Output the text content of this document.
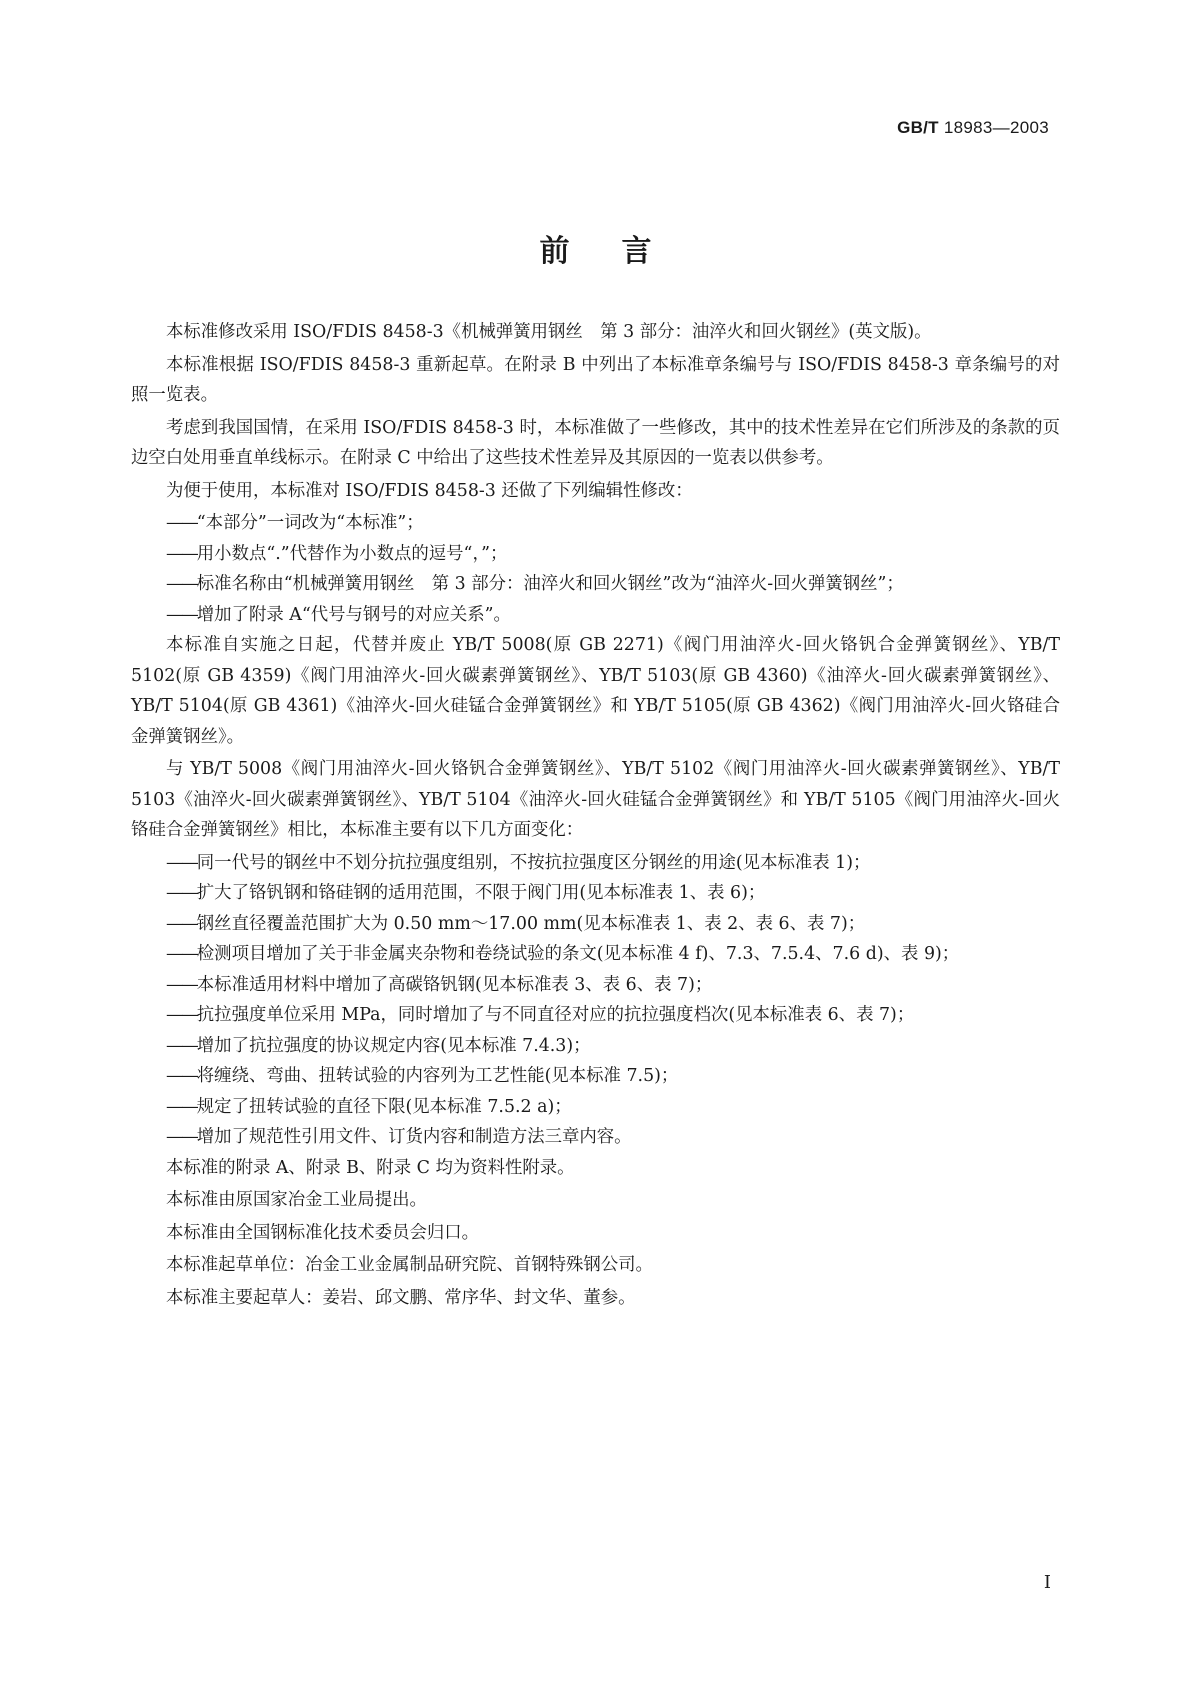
GB/T 18983—2003
前言

本标准修改采用 ISO/FDIS 8458-3《机械弹簧用钢丝　第 3 部分：油淬火和回火钢丝》(英文版)。

本标准根据 ISO/FDIS 8458-3 重新起草。在附录 B 中列出了本标准章条编号与 ISO/FDIS 8458-3 章条编号的对照一览表。

考虑到我国国情，在采用 ISO/FDIS 8458-3 时，本标准做了一些修改，其中的技术性差异在它们所涉及的条款的页边空白处用垂直单线标示。在附录 C 中给出了这些技术性差异及其原因的一览表以供参考。

为便于使用，本标准对 ISO/FDIS 8458-3 还做了下列编辑性修改：

——“本部分”一词改为“本标准”；
——用小数点“.”代替作为小数点的逗号“，”；
——标准名称由“机械弹簧用钢丝　第 3 部分：油淬火和回火钢丝”改为“油淬火-回火弹簧钢丝”；
——增加了附录 A“代号与钢号的对应关系”。

本标准自实施之日起，代替并废止 YB/T 5008(原 GB 2271)《阀门用油淬火-回火铬钒合金弹簧钢丝》、YB/T 5102(原 GB 4359)《阀门用油淬火-回火碳素弹簧钢丝》、YB/T 5103(原 GB 4360)《油淬火-回火碳素弹簧钢丝》、YB/T 5104(原 GB 4361)《油淬火-回火硅锰合金弹簧钢丝》和 YB/T 5105(原 GB 4362)《阀门用油淬火-回火铬硅合金弹簧钢丝》。

与 YB/T 5008《阀门用油淬火-回火铬钒合金弹簧钢丝》、YB/T 5102《阀门用油淬火-回火碳素弹簧钢丝》、YB/T 5103《油淬火-回火碳素弹簧钢丝》、YB/T 5104《油淬火-回火硅锰合金弹簧钢丝》和 YB/T 5105《阀门用油淬火-回火铬硅合金弹簧钢丝》相比，本标准主要有以下几方面变化：

——同一代号的钢丝中不划分抗拉强度组别，不按抗拉强度区分钢丝的用途(见本标准表 1)；
——扩大了铬钒钢和铬硅钢的适用范围，不限于阀门用(见本标准表 1、表 6)；
——钢丝直径覆盖范围扩大为 0.50 mm～17.00 mm(见本标准表 1、表 2、表 6、表 7)；
——检测项目增加了关于非金属夹杂物和卷绕试验的条文(见本标准 4 f)、7.3、7.5.4、7.6 d)、表 9)；
——本标准适用材料中增加了高碳铬钒钢(见本标准表 3、表 6、表 7)；
——抗拉强度单位采用 MPa，同时增加了与不同直径对应的抗拉强度档次(见本标准表 6、表 7)；
——增加了抗拉强度的协议规定内容(见本标准 7.4.3)；
——将缠绕、弯曲、扭转试验的内容列为工艺性能(见本标准 7.5)；
——规定了扭转试验的直径下限(见本标准 7.5.2 a)；
——增加了规范性引用文件、订货内容和制造方法三章内容。

本标准的附录 A、附录 B、附录 C 均为资料性附录。

本标准由原国家冶金工业局提出。

本标准由全国钢标准化技术委员会归口。

本标准起草单位：冶金工业金属制品研究院、首钢特殊钢公司。

本标准主要起草人：姜岩、邱文鹏、常序华、封文华、董参。

I
